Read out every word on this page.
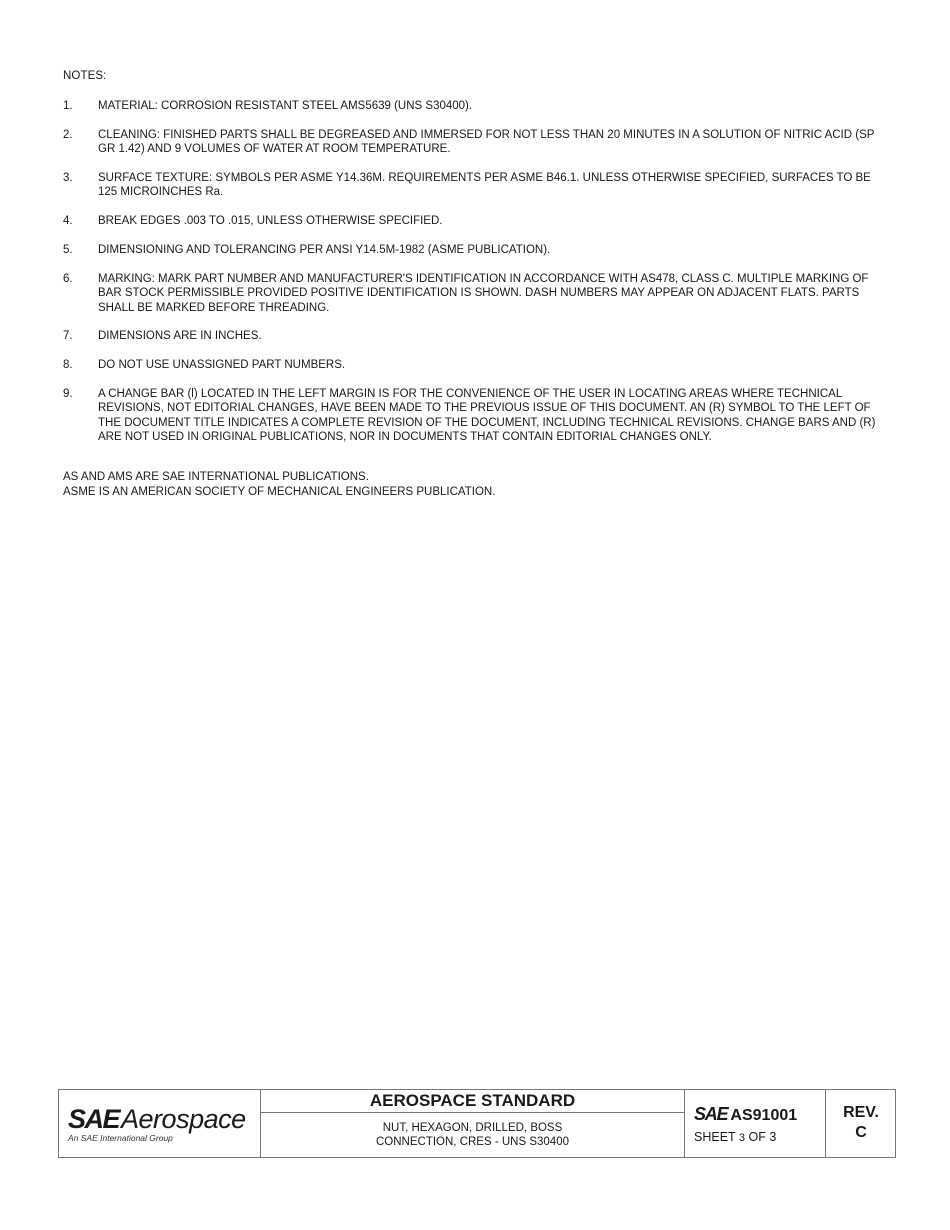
NOTES:
1.	MATERIAL: CORROSION RESISTANT STEEL AMS5639 (UNS S30400).
2.	CLEANING: FINISHED PARTS SHALL BE DEGREASED AND IMMERSED FOR NOT LESS THAN 20 MINUTES IN A SOLUTION OF NITRIC ACID (SP GR 1.42) AND 9 VOLUMES OF WATER AT ROOM TEMPERATURE.
3.	SURFACE TEXTURE: SYMBOLS PER ASME Y14.36M. REQUIREMENTS PER ASME B46.1. UNLESS OTHERWISE SPECIFIED, SURFACES TO BE 125 MICROINCHES Ra.
4.	BREAK EDGES .003 TO .015, UNLESS OTHERWISE SPECIFIED.
5.	DIMENSIONING AND TOLERANCING PER ANSI Y14.5M-1982 (ASME PUBLICATION).
6.	MARKING: MARK PART NUMBER AND MANUFACTURER'S IDENTIFICATION IN ACCORDANCE WITH AS478, CLASS C. MULTIPLE MARKING OF BAR STOCK PERMISSIBLE PROVIDED POSITIVE IDENTIFICATION IS SHOWN. DASH NUMBERS MAY APPEAR ON ADJACENT FLATS. PARTS SHALL BE MARKED BEFORE THREADING.
7.	DIMENSIONS ARE IN INCHES.
8.	DO NOT USE UNASSIGNED PART NUMBERS.
9.	A CHANGE BAR (l) LOCATED IN THE LEFT MARGIN IS FOR THE CONVENIENCE OF THE USER IN LOCATING AREAS WHERE TECHNICAL REVISIONS, NOT EDITORIAL CHANGES, HAVE BEEN MADE TO THE PREVIOUS ISSUE OF THIS DOCUMENT. AN (R) SYMBOL TO THE LEFT OF THE DOCUMENT TITLE INDICATES A COMPLETE REVISION OF THE DOCUMENT, INCLUDING TECHNICAL REVISIONS. CHANGE BARS AND (R) ARE NOT USED IN ORIGINAL PUBLICATIONS, NOR IN DOCUMENTS THAT CONTAIN EDITORIAL CHANGES ONLY.
AS AND AMS ARE SAE INTERNATIONAL PUBLICATIONS.
ASME IS AN AMERICAN SOCIETY OF MECHANICAL ENGINEERS PUBLICATION.
SAEAerospace
An SAE International Group
AEROSPACE STANDARD
NUT, HEXAGON, DRILLED, BOSS
CONNECTION, CRES - UNS S30400
SAE AS91001
SHEET 3 OF 3
REV.
C
